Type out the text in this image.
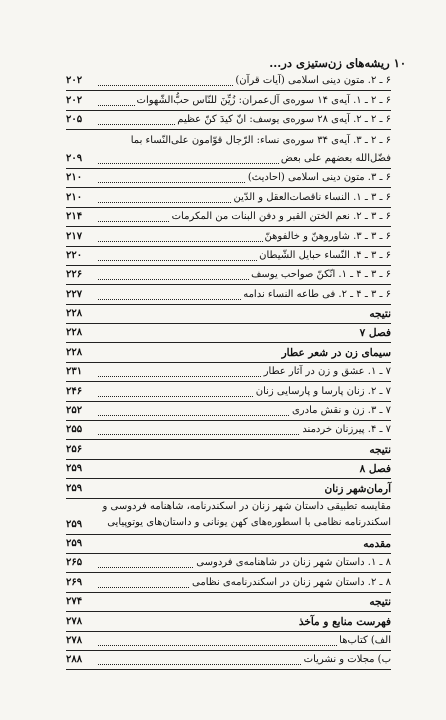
۱۰ ریشه‌های زن‌ستیزی در...
۶ ـ ۲. متون دینی اسلامی (آیات قرآن)
۲۰۲
۶ ـ ۲ ـ ۱. آیه‌ی ۱۴ سوره‌ی آل‌عمران: زُیِّنَ للنّاس حبُّ‌الشّهوات
۲۰۲
۶ ـ ۲ ـ ۲. آیه‌ی ۲۸ سوره‌ی یوسف: انّ کیدَ کنّ عظیم
۲۰۵
۶ ـ ۲ ـ ۳. آیه‌ی ۳۴ سوره‌ی نساء: الرّجال قوّامون علی‌النّساء بما
فضّل‌الله بعضهم علی بعض
۲۰۹
۶ ـ ۳. متون دینی اسلامی (احادیث)
۲۱۰
۶ ـ ۳ ـ ۱. النساء ناقصات‌العقل و الدّین
۲۱۰
۶ ـ ۳ ـ ۲. نعم الختن القبر و دفن البنات من المکرمات
۲۱۴
۶ ـ ۳ ـ ۳. شاوروهنّ و خالفوهنّ
۲۱۷
۶ ـ ۳ ـ ۴. النّساء حبایل الشّیطان
۲۲۰
۶ ـ ۳ ـ ۴ ـ ۱. انّکنّ صواحب یوسف
۲۲۶
۶ ـ ۳ ـ ۴ ـ ۲. فی طاعه النساء ندامه
۲۲۷
نتیجه
۲۲۸
فصل ۷
۲۲۸
سیمای زن در شعر عطار
۲۲۸
۷ ـ ۱. عشق و زن در آثار عطار
۲۳۱
۷ ـ ۲. زنان پارسا و پارسایی زنان
۲۴۶
۷ ـ ۳. زن و نقش مادری
۲۵۲
۷ ـ ۴. پیرزنان خردمند
۲۵۵
نتیجه
۲۵۶
فصل ۸
۲۵۹
آرمان‌شهر زنان
۲۵۹
مقایسه تطبیقی داستان شهر زنان در اسکندرنامه، شاهنامه فردوسی و اسکندرنامه نظامی با اسطوره‌های کهن یونانی و داستان‌های یوتوپیایی
۲۵۹
مقدمه
۲۵۹
۸ ـ ۱. داستان شهر زنان در شاهنامه‌ی فردوسی
۲۶۵
۸ ـ ۲. داستان شهر زنان در اسکندرنامه‌ی نظامی
۲۶۹
نتیجه
۲۷۴
فهرست منابع و مآخذ
۲۷۸
الف) کتاب‌ها
۲۷۸
ب) مجلات و نشریات
۲۸۸
